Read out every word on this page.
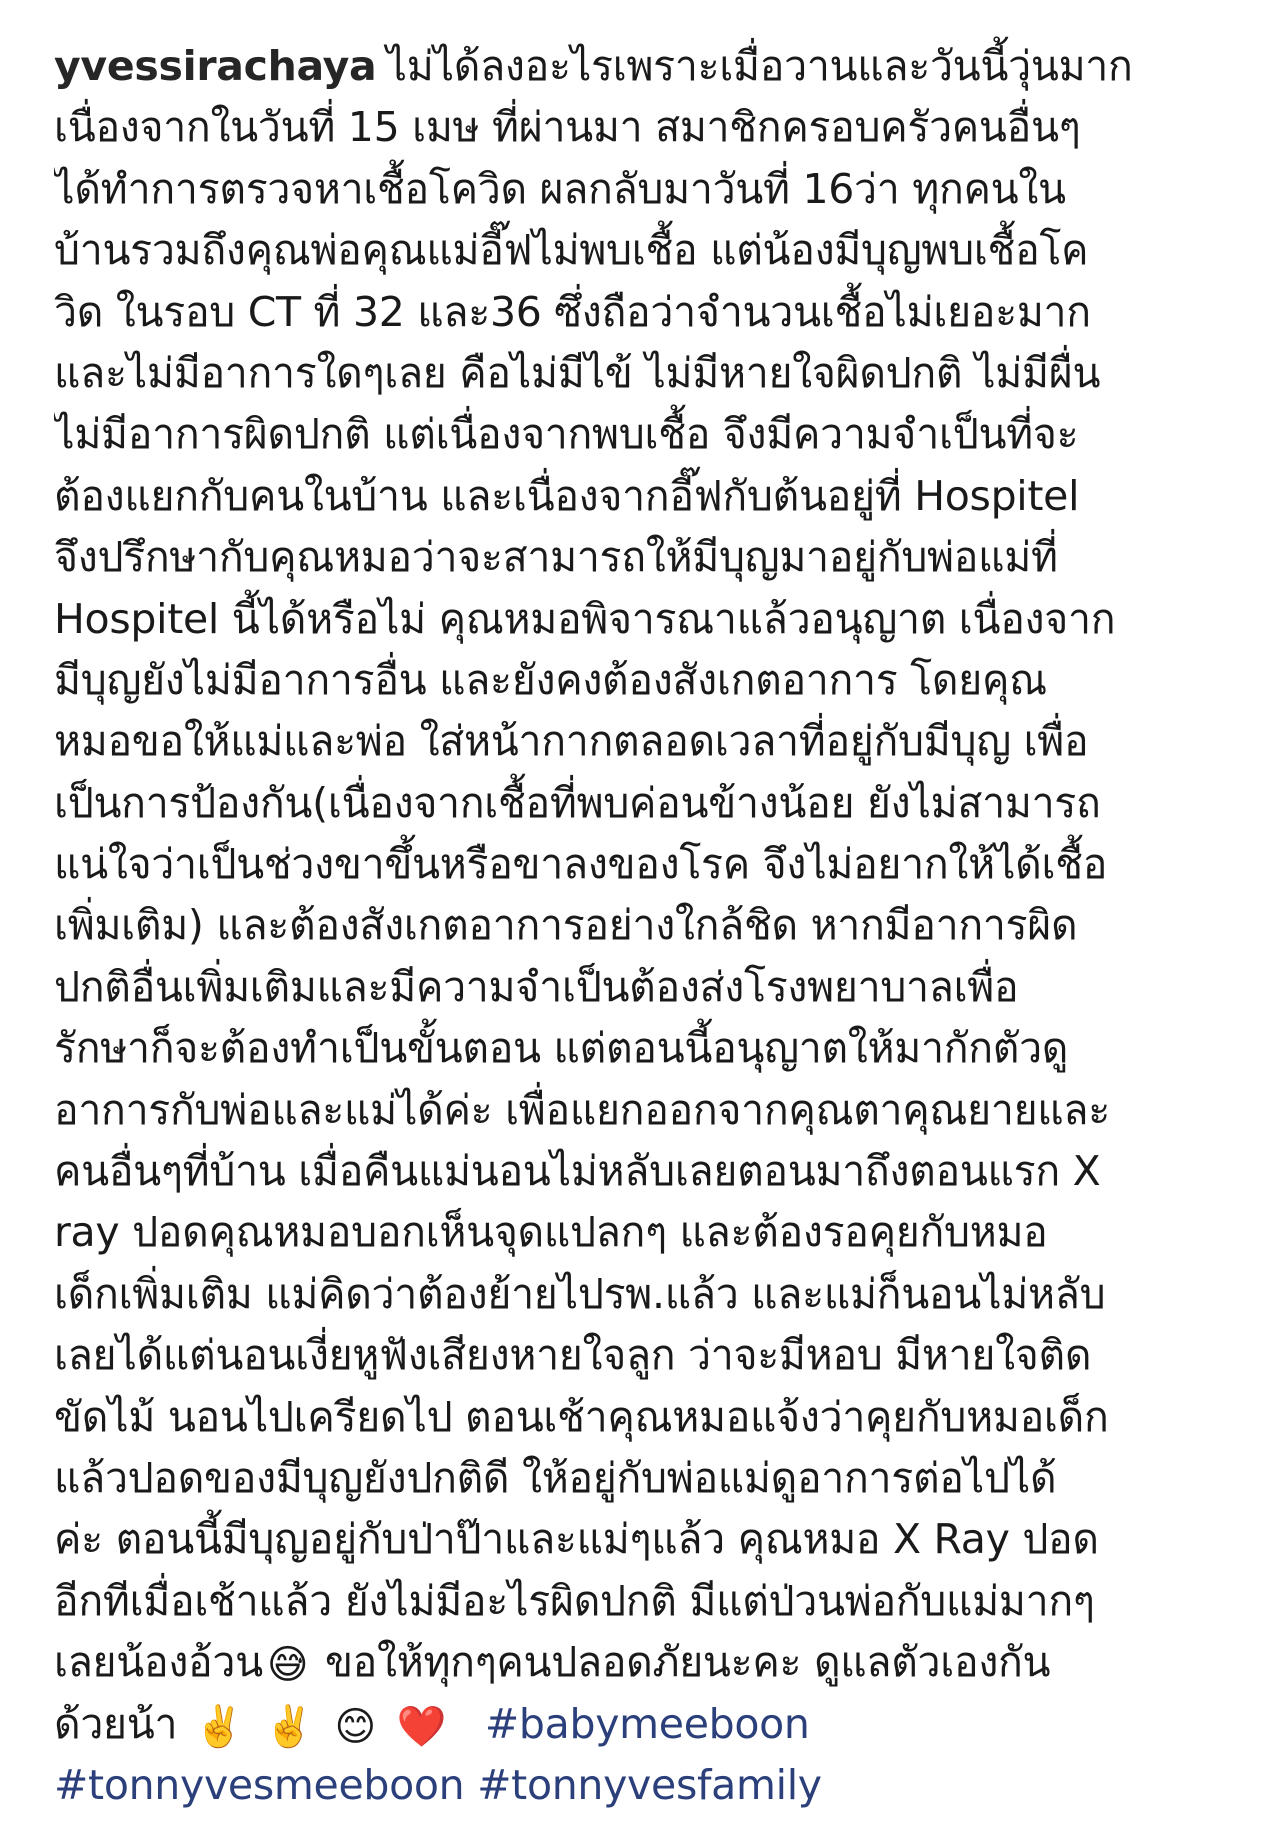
yvessirachaya ไม่ได้ลงอะไรเพราะเมื่อวานและวันนี้วุ่นมาก
เนื่องจากในวันที่ 15 เมษ ที่ผ่านมา สมาชิกครอบครัวคนอื่นๆ
ได้ทำการตรวจหาเชื้อโควิด ผลกลับมาวันที่ 16ว่า ทุกคนใน
บ้านรวมถึงคุณพ่อคุณแม่อี๊ฟไม่พบเชื้อ แต่น้องมีบุญพบเชื้อโค
วิด ในรอบ CT ที่ 32 และ36 ซึ่งถือว่าจำนวนเชื้อไม่เยอะมาก
และไม่มีอาการใดๆเลย คือไม่มีไข้ ไม่มีหายใจผิดปกติ ไม่มีผื่น
ไม่มีอาการผิดปกติ แต่เนื่องจากพบเชื้อ จึงมีความจำเป็นที่จะ
ต้องแยกกับคนในบ้าน และเนื่องจากอี๊ฟกับต้นอยู่ที่ Hospitel
จึงปรึกษากับคุณหมอว่าจะสามารถให้มีบุญมาอยู่กับพ่อแม่ที่
Hospitel นี้ได้หรือไม่ คุณหมอพิจารณาแล้วอนุญาต เนื่องจาก
มีบุญยังไม่มีอาการอื่น และยังคงต้องสังเกตอาการ โดยคุณ
หมอขอให้แม่และพ่อ ใส่หน้ากากตลอดเวลาที่อยู่กับมีบุญ เพื่อ
เป็นการป้องกัน(เนื่องจากเชื้อที่พบค่อนข้างน้อย ยังไม่สามารถ
แน่ใจว่าเป็นช่วงขาขึ้นหรือขาลงของโรค จึงไม่อยากให้ได้เชื้อ
เพิ่มเติม) และต้องสังเกตอาการอย่างใกล้ชิด หากมีอาการผิด
ปกติอื่นเพิ่มเติมและมีความจำเป็นต้องส่งโรงพยาบาลเพื่อ
รักษาก็จะต้องทำเป็นขั้นตอน แต่ตอนนี้อนุญาตให้มากักตัวดู
อาการกับพ่อและแม่ได้ค่ะ เพื่อแยกออกจากคุณตาคุณยายและ
คนอื่นๆที่บ้าน เมื่อคืนแม่นอนไม่หลับเลยตอนมาถึงตอนแรก X
ray ปอดคุณหมอบอกเห็นจุดแปลกๆ และต้องรอคุยกับหมอ
เด็กเพิ่มเติม แม่คิดว่าต้องย้ายไปรพ.แล้ว และแม่ก็นอนไม่หลับ
เลยได้แต่นอนเงี่ยหูฟังเสียงหายใจลูก ว่าจะมีหอบ มีหายใจติด
ขัดไม้ นอนไปเครียดไป ตอนเช้าคุณหมอแจ้งว่าคุยกับหมอเด็ก
แล้วปอดของมีบุญยังปกติดี ให้อยู่กับพ่อแม่ดูอาการต่อไปได้
ค่ะ ตอนนี้มีบุญอยู่กับป่าป๊าและแม่ๆแล้ว คุณหมอ X Ray ปอด
อีกทีเมื่อเช้าแล้ว ยังไม่มีอะไรผิดปกติ มีแต่ป่วนพ่อกับแม่มากๆ
เลยน้องอ้วน 😅 ขอให้ทุกๆคนปลอดภัยนะคะ ดูแลตัวเองกัน
ด้วยน้า ✌️ ✌️ 😊 ❤️ #babymeeboon
#tonnyvesmeeboon #tonnyvesfamily
